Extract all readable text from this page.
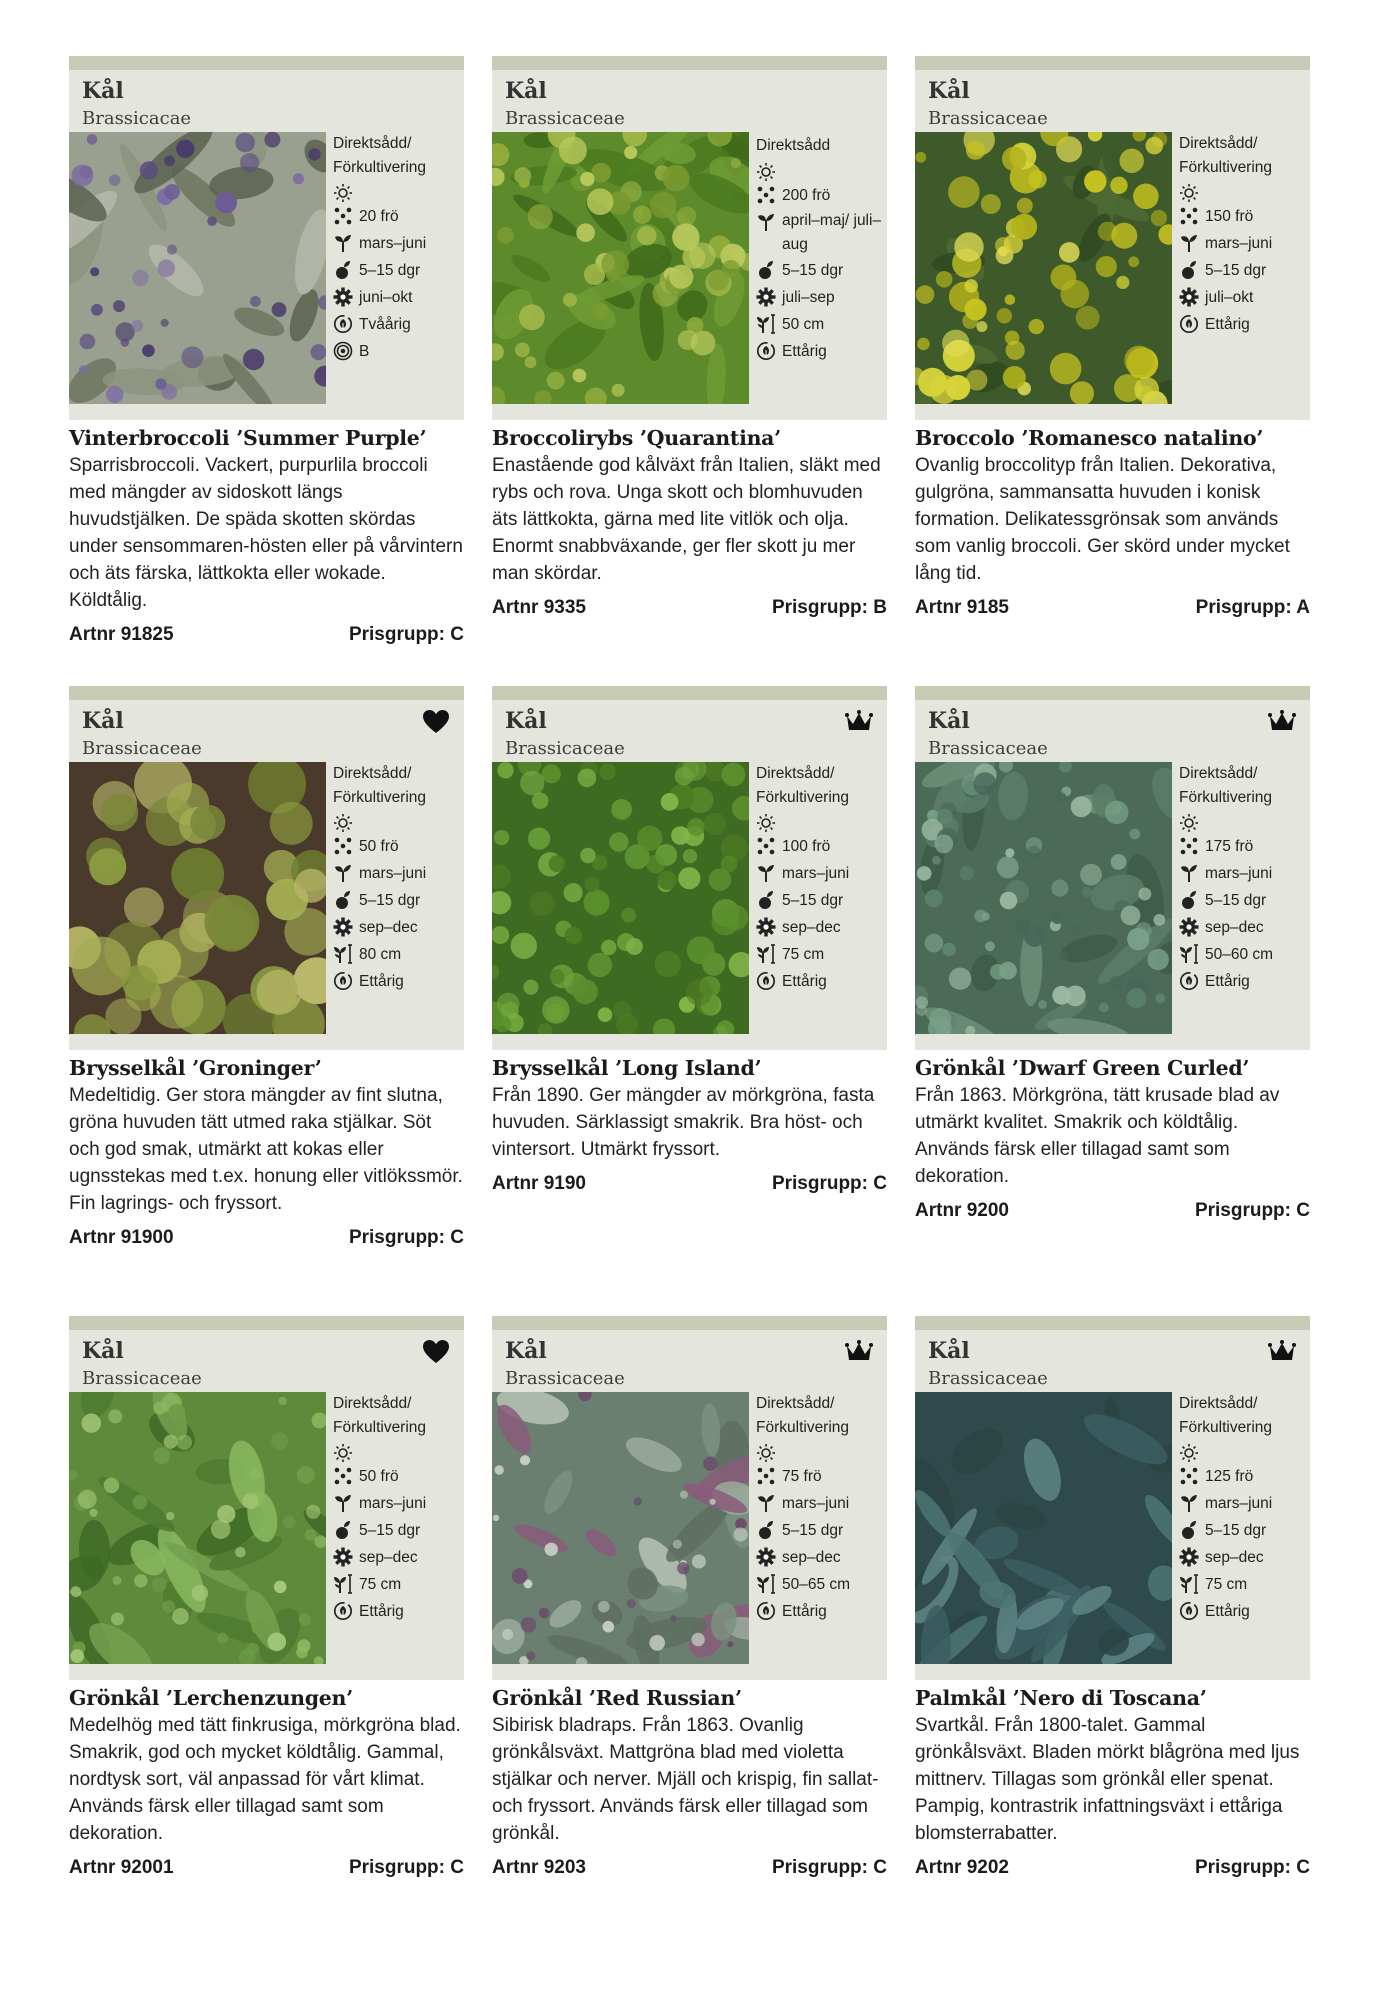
Kål
Brassicacae
Direktsådd/ Förkultivering
20 frö
mars–juni
5–15 dgr
juni–okt
Tvåårig
B
Vinterbroccoli ’Summer Purple’
Sparrisbroccoli. Vackert, purpurlila broccoli med mängder av sidoskott längs huvudstjälken. De späda skotten skördas under sensommaren-hösten eller på vårvintern och äts färska, lättkokta eller wokade. Köldtålig.
Artnr 91825	Prisgrupp: C
Kål
Brassicaceae
Direktsådd
200 frö
april–maj/ juli–aug
5–15 dgr
juli–sep
50 cm
Ettårig
Broccolirybs ’Quarantina’
Enastående god kålväxt från Italien, släkt med rybs och rova. Unga skott och blomhuvuden äts lättkokta, gärna med lite vitlök och olja. Enormt snabbväxande, ger fler skott ju mer man skördar.
Artnr 9335	Prisgrupp: B
Kål
Brassicaceae
Direktsådd/ Förkultivering
150 frö
mars–juni
5–15 dgr
juli–okt
Ettårig
Broccolo ’Romanesco natalino’
Ovanlig broccolityp från Italien. Dekorativa, gulgröna, sammansatta huvuden i konisk formation. Delikatessgrönsak som används som vanlig broccoli. Ger skörd under mycket lång tid.
Artnr 9185	Prisgrupp: A
Kål
Brassicaceae
Direktsådd/ Förkultivering
50 frö
mars–juni
5–15 dgr
sep–dec
80 cm
Ettårig
Brysselkål ’Groninger’
Medeltidig. Ger stora mängder av fint slutna, gröna huvuden tätt utmed raka stjälkar. Söt och god smak, utmärkt att kokas eller ugnsstekas med t.ex. honung eller vitlökssmör. Fin lagrings- och fryssort.
Artnr 91900	Prisgrupp: C
Kål
Brassicaceae
Direktsådd/ Förkultivering
100 frö
mars–juni
5–15 dgr
sep–dec
75 cm
Ettårig
Brysselkål ’Long Island’
Från 1890. Ger mängder av mörkgröna, fasta huvuden. Särklassigt smakrik. Bra höst- och vintersort. Utmärkt fryssort.
Artnr 9190	Prisgrupp: C
Kål
Brassicaceae
Direktsådd/ Förkultivering
175 frö
mars–juni
5–15 dgr
sep–dec
50–60 cm
Ettårig
Grönkål ’Dwarf Green Curled’
Från 1863. Mörkgröna, tätt krusade blad av utmärkt kvalitet. Smakrik och köldtålig. Används färsk eller tillagad samt som dekoration.
Artnr 9200	Prisgrupp: C
Kål
Brassicaceae
Direktsådd/ Förkultivering
50 frö
mars–juni
5–15 dgr
sep–dec
75 cm
Ettårig
Grönkål ’Lerchenzungen’
Medelhög med tätt finkrusiga, mörkgröna blad. Smakrik, god och mycket köldtålig. Gammal, nordtysk sort, väl anpassad för vårt klimat. Används färsk eller tillagad samt som dekoration.
Artnr 92001	Prisgrupp: C
Kål
Brassicaceae
Direktsådd/ Förkultivering
75 frö
mars–juni
5–15 dgr
sep–dec
50–65 cm
Ettårig
Grönkål ’Red Russian’
Sibirisk bladraps. Från 1863. Ovanlig grönkålsväxt. Mattgröna blad med violetta stjälkar och nerver. Mjäll och krispig, fin sallat- och fryssort. Används färsk eller tillagad som grönkål.
Artnr 9203	Prisgrupp: C
Kål
Brassicaceae
Direktsådd/ Förkultivering
125 frö
mars–juni
5–15 dgr
sep–dec
75 cm
Ettårig
Palmkål ’Nero di Toscana’
Svartkål. Från 1800-talet. Gammal grönkålsväxt. Bladen mörkt blågröna med ljus mittnerv. Tillagas som grönkål eller spenat. Pampig, kontrastrik infattningsväxt i ettåriga blomsterrabatter.
Artnr 9202	Prisgrupp: C
